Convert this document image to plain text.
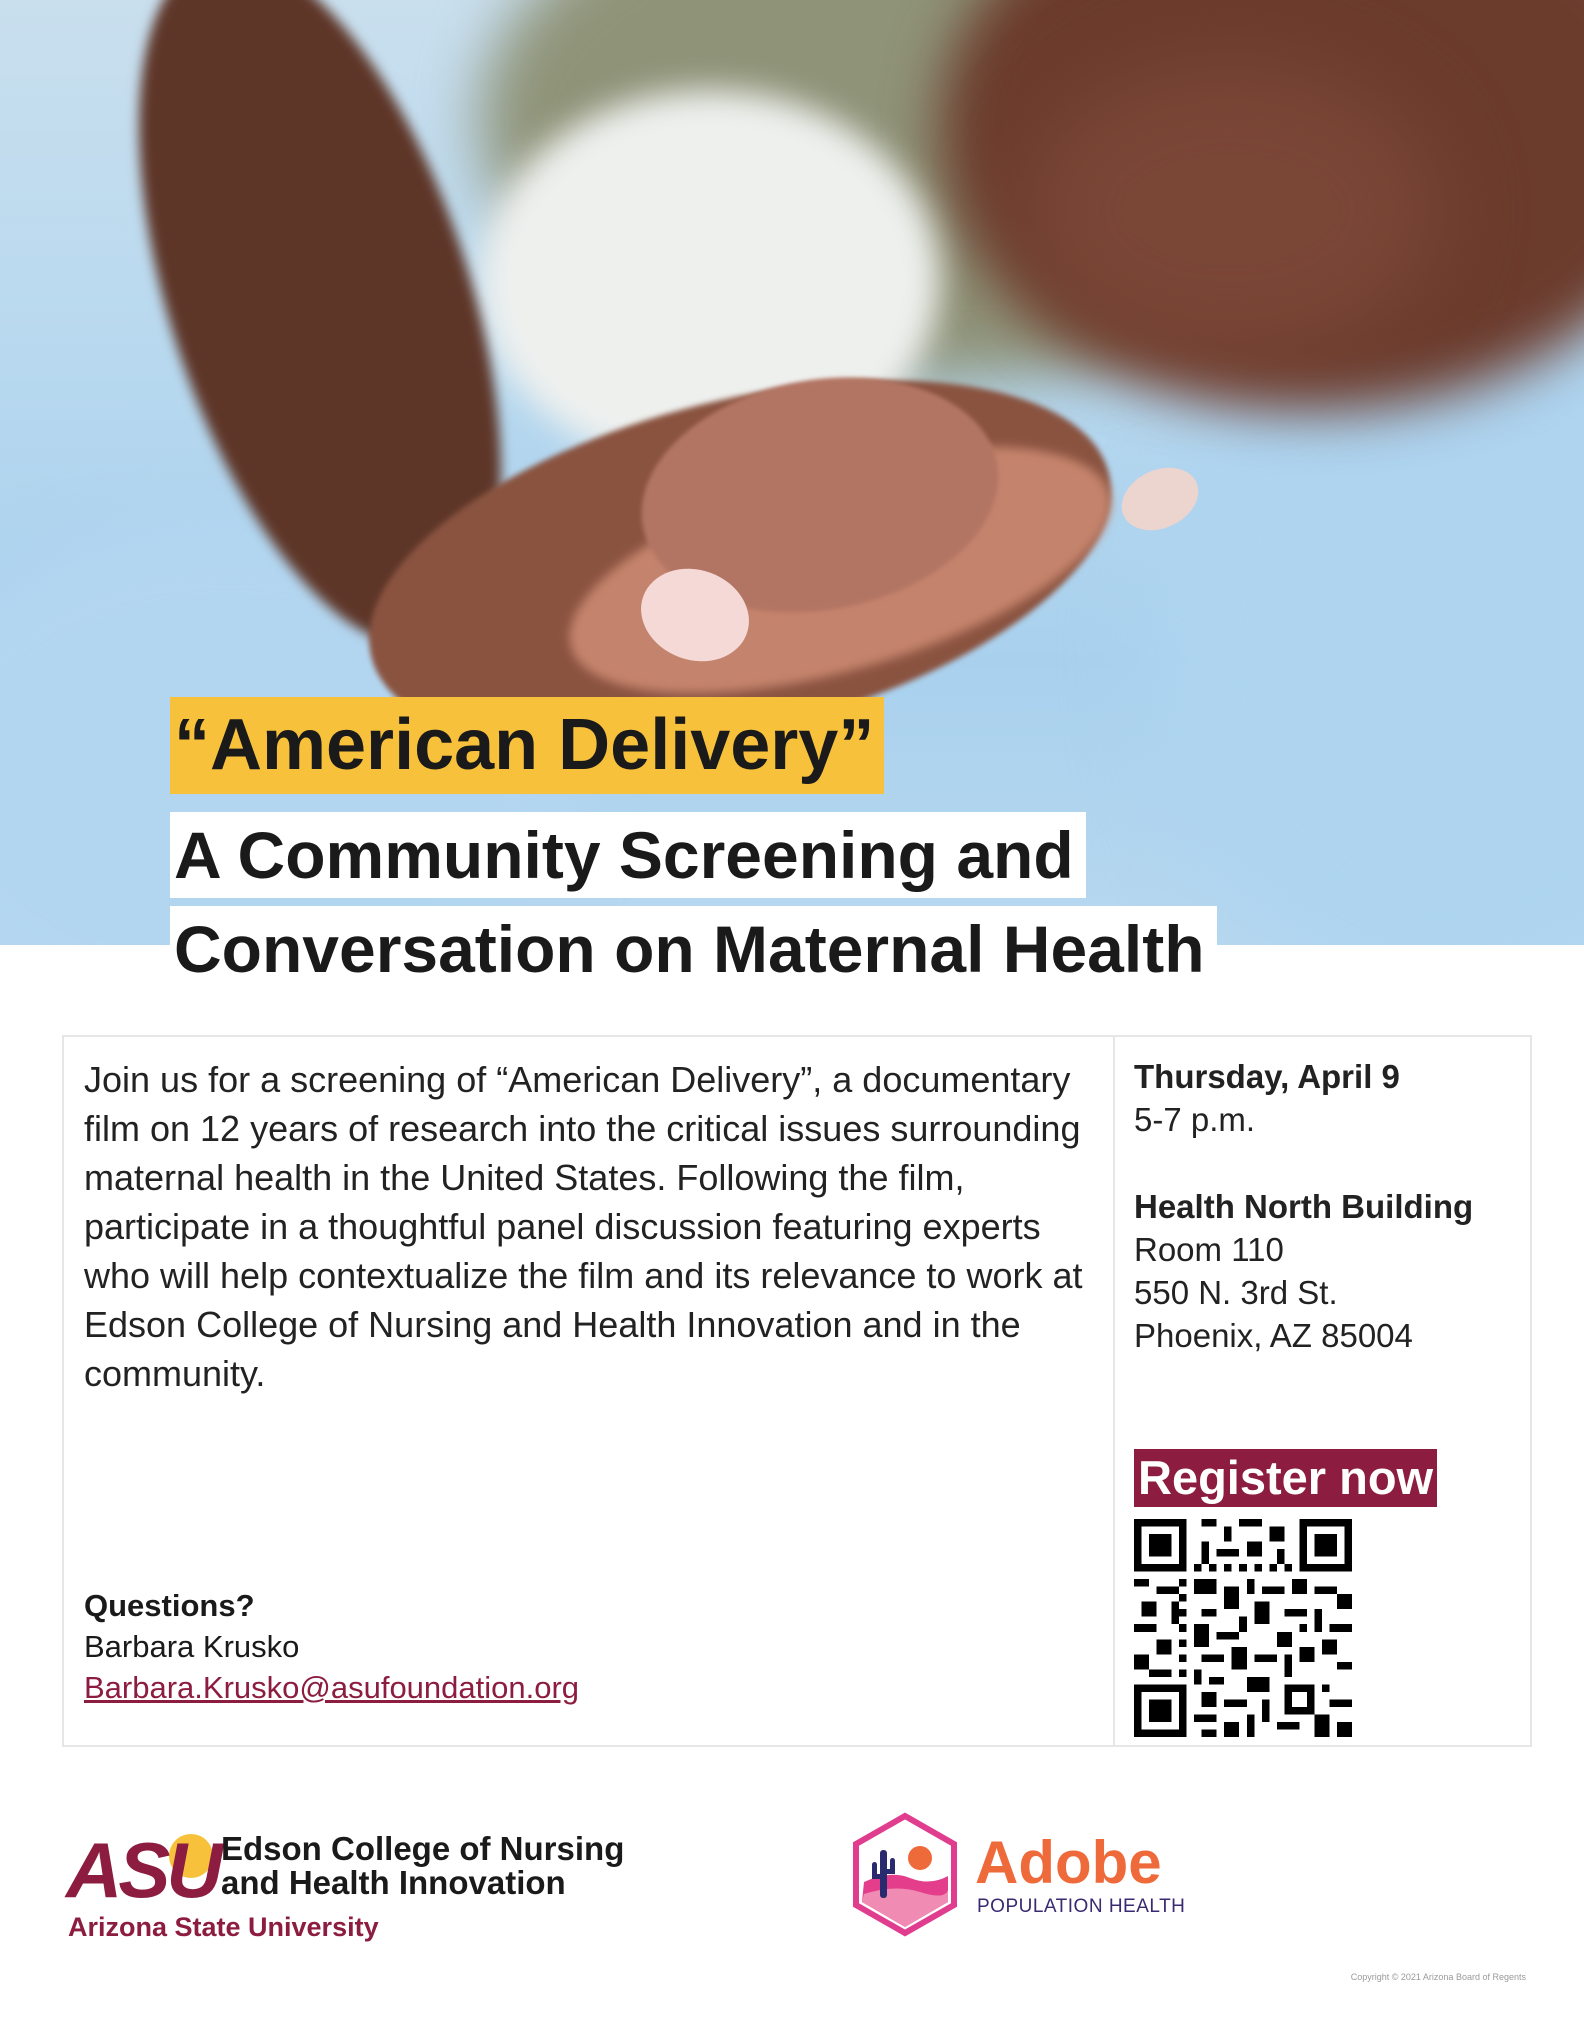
“American Delivery”
A Community Screening and
Conversation on Maternal Health
Join us for a screening of “American Delivery”, a documentary film on 12 years of research into the critical issues surrounding maternal health in the United States. Following the film, participate in a thoughtful panel discussion featuring experts who will help contextualize the film and its relevance to work at Edson College of Nursing and Health Innovation and in the community.
Questions?
Barbara Krusko
Barbara.Krusko@asufoundation.org
Thursday, April 9
5-7 p.m.
Health North Building
Room 110
550 N. 3rd St.
Phoenix, AZ 85004
Register now
ASU Edson College of Nursing
and Health Innovation
Arizona State University
Adobe
POPULATION HEALTH
Copyright © 2021 Arizona Board of Regents
